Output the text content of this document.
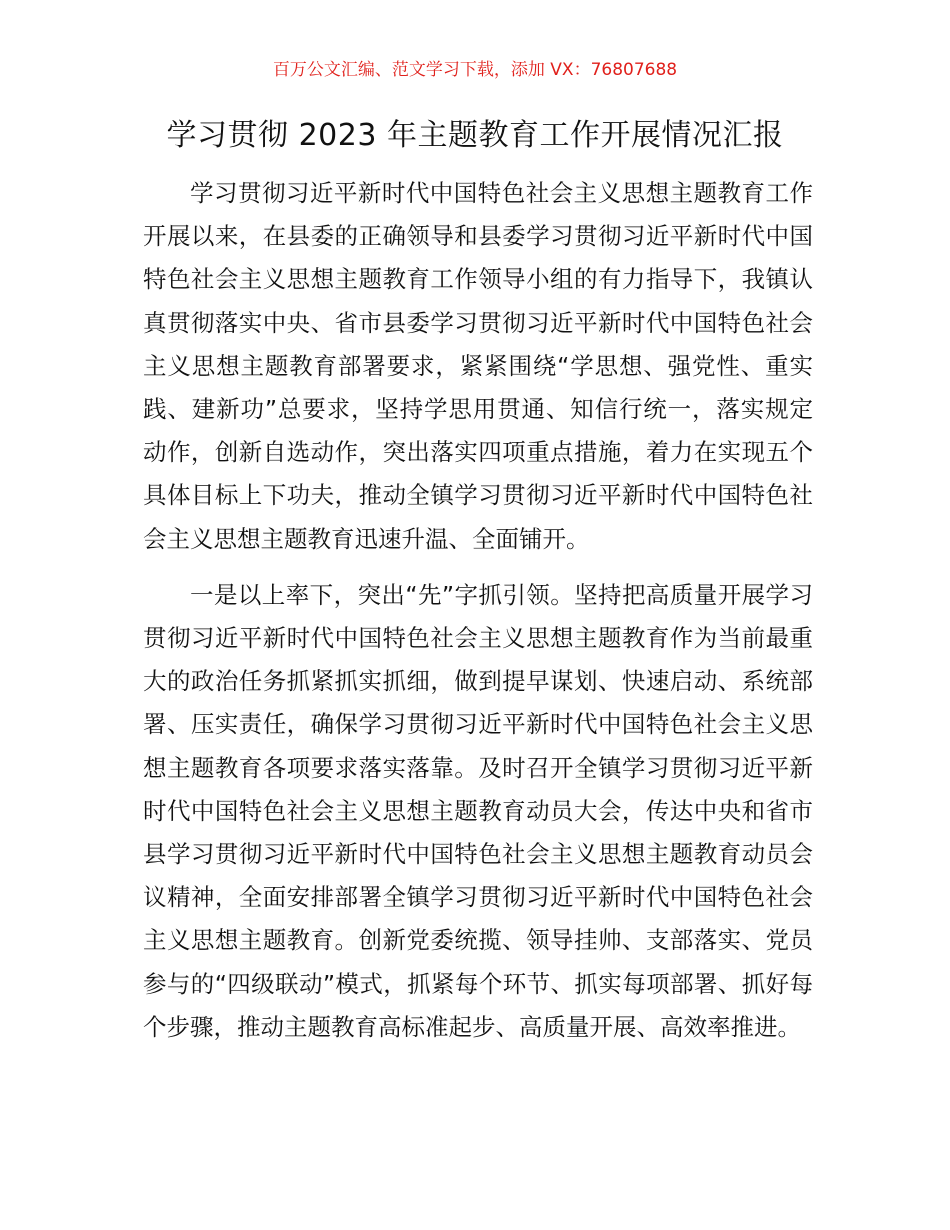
百万公文汇编、范文学习下载，添加 VX：76807688
学习贯彻 2023 年主题教育工作开展情况汇报

学习贯彻习近平新时代中国特色社会主义思想主题教育工作开展以来，在县委的正确领导和县委学习贯彻习近平新时代中国特色社会主义思想主题教育工作领导小组的有力指导下，我镇认真贯彻落实中央、省市县委学习贯彻习近平新时代中国特色社会主义思想主题教育部署要求，紧紧围绕“学思想、强党性、重实践、建新功”总要求，坚持学思用贯通、知信行统一，落实规定动作，创新自选动作，突出落实四项重点措施，着力在实现五个具体目标上下功夫，推动全镇学习贯彻习近平新时代中国特色社会主义思想主题教育迅速升温、全面铺开。

一是以上率下，突出“先”字抓引领。坚持把高质量开展学习贯彻习近平新时代中国特色社会主义思想主题教育作为当前最重大的政治任务抓紧抓实抓细，做到提早谋划、快速启动、系统部署、压实责任，确保学习贯彻习近平新时代中国特色社会主义思想主题教育各项要求落实落靠。及时召开全镇学习贯彻习近平新时代中国特色社会主义思想主题教育动员大会，传达中央和省市县学习贯彻习近平新时代中国特色社会主义思想主题教育动员会议精神，全面安排部署全镇学习贯彻习近平新时代中国特色社会主义思想主题教育。创新党委统揽、领导挂帅、支部落实、党员参与的“四级联动”模式，抓紧每个环节、抓实每项部署、抓好每个步骤，推动主题教育高标准起步、高质量开展、高效率推进。
